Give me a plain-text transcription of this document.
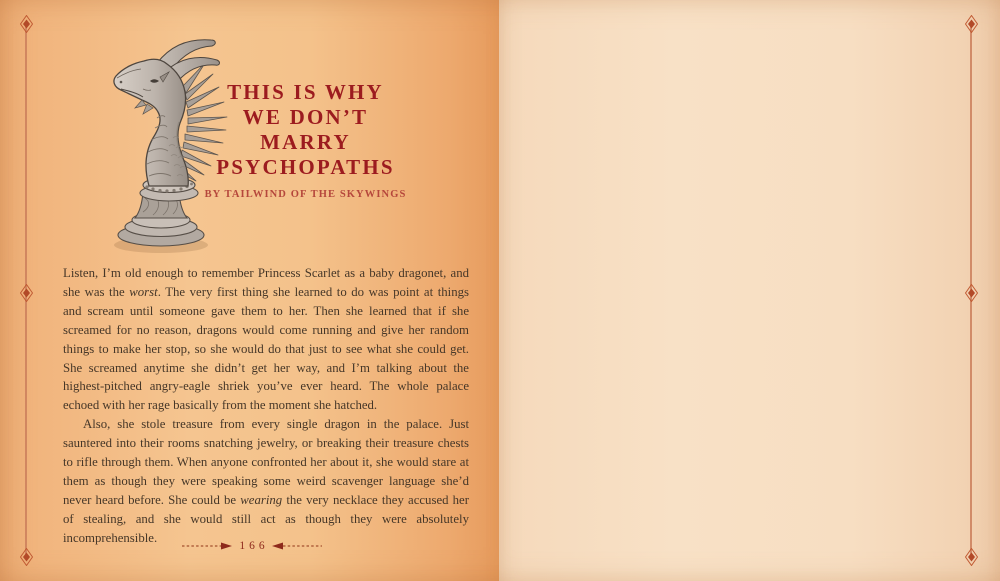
THIS IS WHY
WE DON’T
MARRY
PSYCHOPATHS
BY TAILWIND OF THE SKYWINGS

Listen, I’m old enough to remember Princess Scarlet as a baby dragonet, and she was the worst. The very first thing she learned to do was point at things and scream until someone gave them to her. Then she learned that if she screamed for no reason, dragons would come running and give her random things to make her stop, so she would do that just to see what she could get. She screamed anytime she didn’t get her way, and I’m talking about the highest-pitched angry-eagle shriek you’ve ever heard. The whole palace echoed with her rage basically from the moment she hatched.

Also, she stole treasure from every single dragon in the palace. Just sauntered into their rooms snatching jewelry, or breaking their treasure chests to rifle through them. When anyone confronted her about it, she would stare at them as though they were speaking some weird scavenger language she’d never heard before. She could be wearing the very necklace they accused her of stealing, and she would still act as though they were absolutely incomprehensible.

166
